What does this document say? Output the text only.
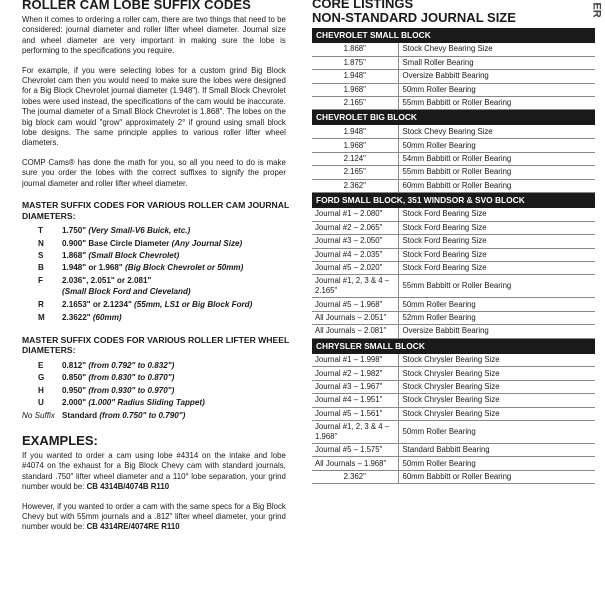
ROLLER CAM LOBE SUFFIX CODES

When it comes to ordering a roller cam, there are two things that need to be considered: journal diameter and roller lifter wheel diameter. Journal size and wheel diameter are very important in making sure the lobe is performing to the specifications you require.

For example, if you were selecting lobes for a custom grind Big Block Chevrolet cam then you would need to make sure the lobes were designed for a Big Block Chevrolet journal diameter (1.948"). If Small Block Chevrolet lobes were used instead, the specifications of the cam would be inaccurate. The journal diameter of a Small Block Chevrolet is 1.868". The lobes on the big block cam would "grow" approximately 2° if ground using small block lobe designs. The same principle applies to various roller lifter wheel diameters.

COMP Cams® has done the math for you, so all you need to do is make sure you order the lobes with the correct suffixes to signify the proper journal diameter and roller lifter wheel diameter.

MASTER SUFFIX CODES FOR VARIOUS ROLLER CAM JOURNAL DIAMETERS:
T	1.750" (Very Small-V6 Buick, etc.)
N	0.900" Base Circle Diameter (Any Journal Size)
S	1.868" (Small Block Chevrolet)
B	1.948" or 1.968" (Big Block Chevrolet or 50mm)
F	2.036", 2.051" or 2.081"
(Small Block Ford and Cleveland)
R	2.1653" or 2.1234" (55mm, LS1 or Big Block Ford)
M	2.3622" (60mm)
MASTER SUFFIX CODES FOR VARIOUS ROLLER LIFTER WHEEL DIAMETERS:
E	0.812" (from 0.792" to 0.832")
G	0.850" (from 0.830" to 0.870")
H	0.950" (from 0.930" to 0.970")
U	2.000" (1.000" Radius Sliding Tappet)
No Suffix Standard (from 0.750" to 0.790")
EXAMPLES:

If you wanted to order a cam using lobe #4314 on the intake and lobe #4074 on the exhaust for a Big Block Chevy cam with standard journals, standard .750" lifter wheel diameter and a 110° lobe separation, your grind number would be: CB 4314B/4074B R110

However, if you wanted to order a cam with the same specs for a Big Block Chevy but with 55mm journals and a .812" lifter wheel diameter, your grind number would be: CB 4314RE/4074RE R110

CORE LISTINGS
NON-STANDARD JOURNAL SIZE
CHEVROLET SMALL BLOCK
1.868"	Stock Chevy Bearing Size
1.875"	Small Roller Bearing
1.948"	Oversize Babbitt Bearing
1.968"	50mm Roller Bearing
2.165"	55mm Babbitt or Roller Bearing
CHEVROLET BIG BLOCK
1.948"	Stock Chevy Bearing Size
1.968"	50mm Roller Bearing
2.124"	54mm Babbitt or Roller Bearing
2.165"	55mm Babbitt or Roller Bearing
2.362"	60mm Babbitt or Roller Bearing
FORD SMALL BLOCK, 351 WINDSOR & SVO BLOCK
Journal #1 – 2.080"	Stock Ford Bearing Size
Journal #2 – 2.065"	Stock Ford Bearing Size
Journal #3 – 2.050"	Stock Ford Bearing Size
Journal #4 – 2.035"	Stock Ford Bearing Size
Journal #5 – 2.020"	Stock Ford Bearing Size
Journal #1, 2, 3 & 4 – 2.165"	55mm Babbitt or Roller Bearing
Journal #5 – 1.968"	50mm Roller Bearing
All Journals – 2.051"	52mm Roller Bearing
All Journals – 2.081"	Oversize Babbitt Bearing
CHRYSLER SMALL BLOCK
Journal #1 – 1.998"	Stock Chrysler Bearing Size
Journal #2 – 1.982"	Stock Chrysler Bearing Size
Journal #3 – 1.967"	Stock Chrysler Bearing Size
Journal #4 – 1.951"	Stock Chrysler Bearing Size
Journal #5 – 1.561"	Stock Chrysler Bearing Size
Journal #1, 2, 3 & 4 – 1.968"	50mm Roller Bearing
Journal #5 – 1.575"	Standard Babbitt Bearing
All Journals – 1.968"	50mm Roller Bearing
2.362"	60mm Babbitt or Roller Bearing
ER
